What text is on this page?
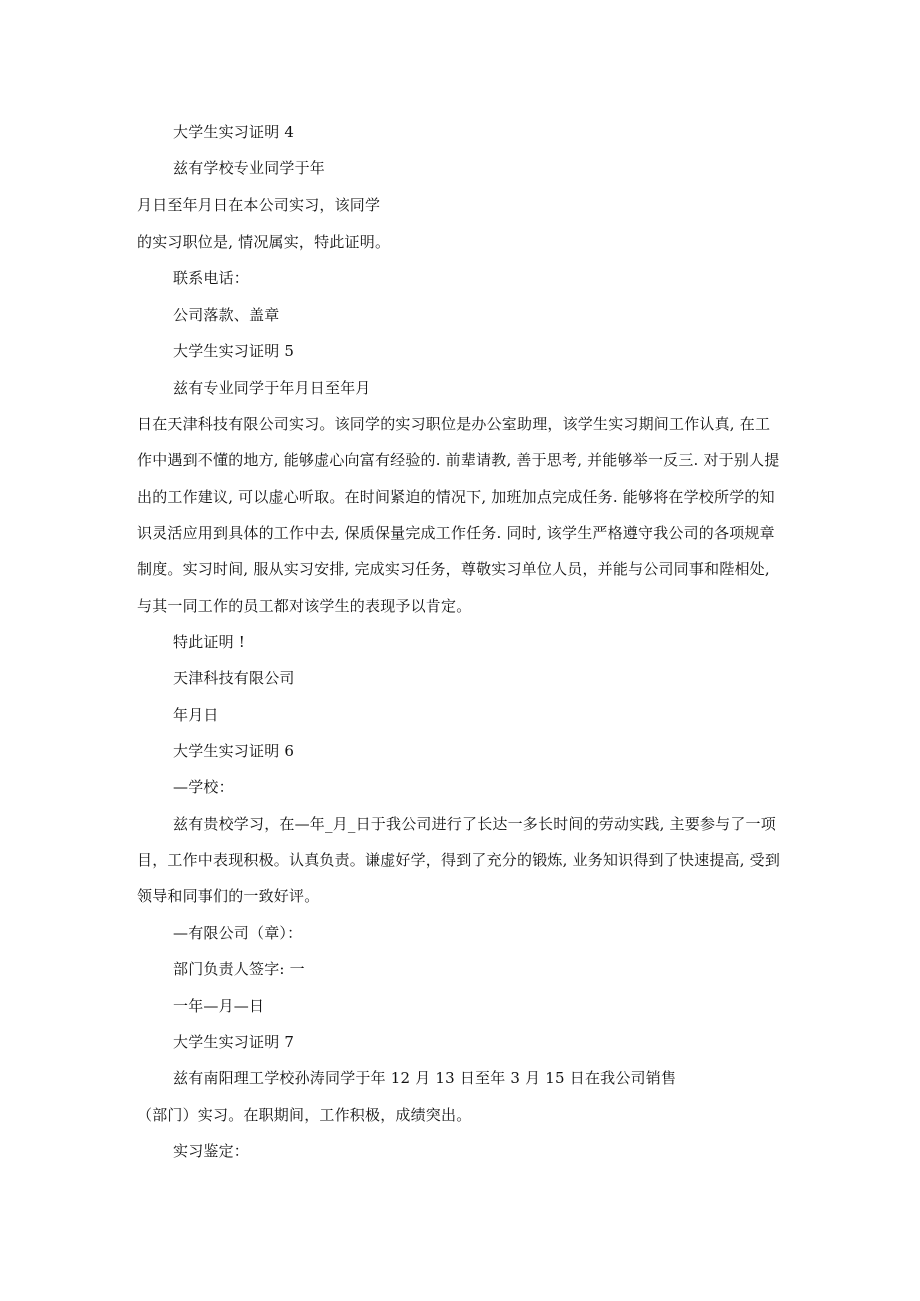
大学生实习证明 4
兹有学校专业同学于年
月日至年月日在本公司实习，该同学
的实习职位是, 情况属实，特此证明。
联系电话：
公司落款、盖章
大学生实习证明 5
兹有专业同学于年月日至年月
日在天津科技有限公司实习。该同学的实习职位是办公室助理，该学生实习期间工作认真, 在工
作中遇到不懂的地方, 能够虚心向富有经验的. 前辈请教, 善于思考, 并能够举一反三. 对于别人提
出的工作建议, 可以虚心听取。在时间紧迫的情况下, 加班加点完成任务. 能够将在学校所学的知
识灵活应用到具体的工作中去, 保质保量完成工作任务. 同时, 该学生严格遵守我公司的各项规章
制度。实习时间, 服从实习安排, 完成实习任务，尊敬实习单位人员，并能与公司同事和陛相处,
与其一同工作的员工都对该学生的表现予以肯定。
特此证明 !
天津科技有限公司
年月日
大学生实习证明 6
—学校：
兹有贵校学习，在—年_月_日于我公司进行了长达一多长时间的劳动实践, 主要参与了一项
目，工作中表现积极。认真负责。谦虚好学，得到了充分的锻炼, 业务知识得到了快速提高, 受到
领导和同事们的一致好评。
—有限公司（章）：
部门负责人签字: 一
一年—月—日
大学生实习证明 7
兹有南阳理工学校孙涛同学于年 12 月 13 日至年 3 月 15 日在我公司销售
（部门）实习。在职期间，工作积极，成绩突出。
实习鉴定：
